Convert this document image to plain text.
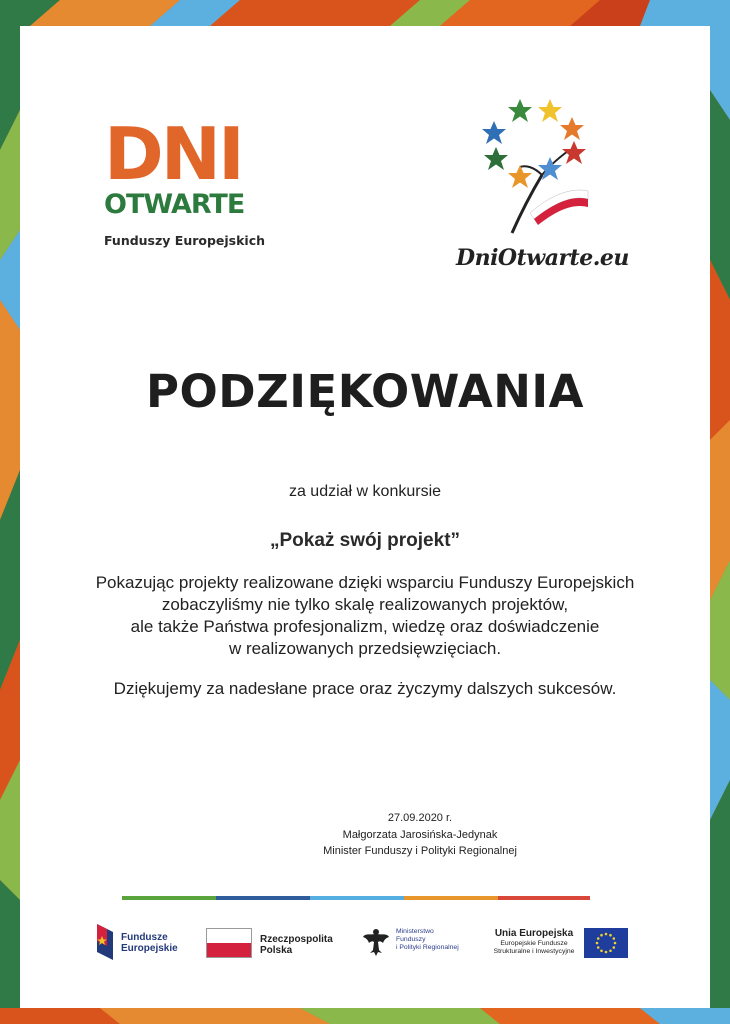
DNI
OTWARTE
Funduszy Europejskich
DniOtwarte.eu
PODZIĘKOWANIA
za udział w konkursie
„Pokaż swój projekt”
Pokazując projekty realizowane dzięki wsparciu Funduszy Europejskich
zobaczyliśmy nie tylko skalę realizowanych projektów,
ale także Państwa profesjonalizm, wiedzę oraz doświadczenie
w realizowanych przedsięwzięciach.
Dziękujemy za nadesłane prace oraz życzymy dalszych sukcesów.
27.09.2020 r.
Małgorzata Jarosińska-Jedynak
Minister Funduszy i Polityki Regionalnej
Fundusze
Europejskie
Rzeczpospolita
Polska
Ministerstwo
Funduszy
i Polityki Regionalnej
Unia Europejska
Europejskie Fundusze
Strukturalne i Inwestycyjne
